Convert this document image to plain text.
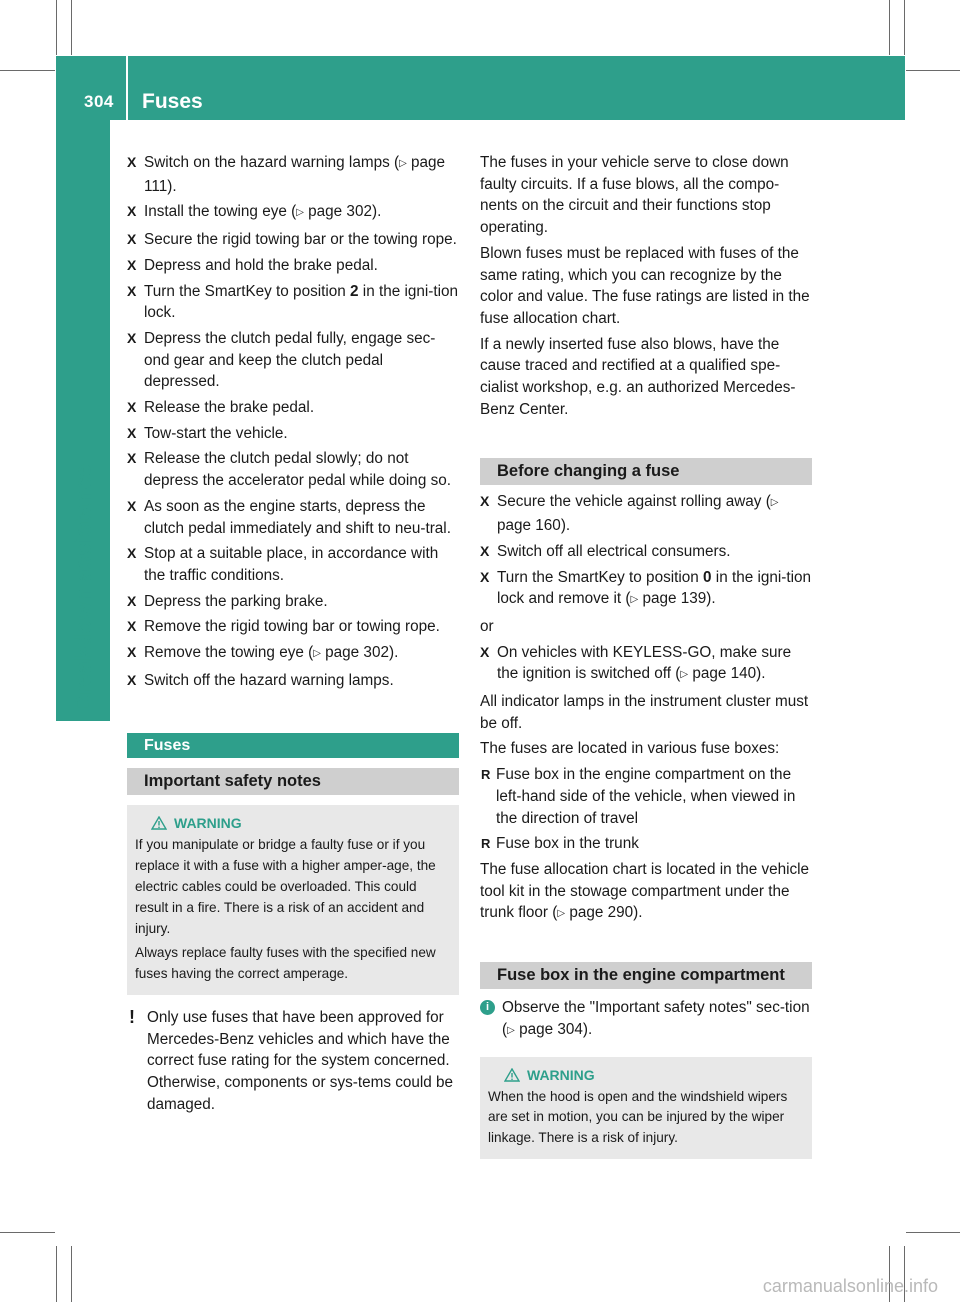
304 Fuses
Breakdown assistance
X Switch on the hazard warning lamps (▷ page 111).
X Install the towing eye (▷ page 302).
X Secure the rigid towing bar or the towing rope.
X Depress and hold the brake pedal.
X Turn the SmartKey to position 2 in the igni-tion lock.
X Depress the clutch pedal fully, engage sec-ond gear and keep the clutch pedal depressed.
X Release the brake pedal.
X Tow-start the vehicle.
X Release the clutch pedal slowly; do not depress the accelerator pedal while doing so.
X As soon as the engine starts, depress the clutch pedal immediately and shift to neu-tral.
X Stop at a suitable place, in accordance with the traffic conditions.
X Depress the parking brake.
X Remove the rigid towing bar or towing rope.
X Remove the towing eye (▷ page 302).
X Switch off the hazard warning lamps.
Fuses
Important safety notes
WARNING

If you manipulate or bridge a faulty fuse or if you replace it with a fuse with a higher amper-age, the electric cables could be overloaded. This could result in a fire. There is a risk of an accident and injury.

Always replace faulty fuses with the specified new fuses having the correct amperage.

! Only use fuses that have been approved for Mercedes-Benz vehicles and which have the correct fuse rating for the system concerned. Otherwise, components or sys-tems could be damaged.

The fuses in your vehicle serve to close down faulty circuits. If a fuse blows, all the compo-nents on the circuit and their functions stop operating.

Blown fuses must be replaced with fuses of the same rating, which you can recognize by the color and value. The fuse ratings are listed in the fuse allocation chart.

If a newly inserted fuse also blows, have the cause traced and rectified at a qualified spe-cialist workshop, e.g. an authorized Mercedes-Benz Center.

Before changing a fuse
X Secure the vehicle against rolling away (▷ page 160).
X Switch off all electrical consumers.
X Turn the SmartKey to position 0 in the igni-tion lock and remove it (▷ page 139).

or

X On vehicles with KEYLESS-GO, make sure the ignition is switched off (▷ page 140).

All indicator lamps in the instrument cluster must be off.

The fuses are located in various fuse boxes:

R Fuse box in the engine compartment on the left-hand side of the vehicle, when viewed in the direction of travel
R Fuse box in the trunk

The fuse allocation chart is located in the vehicle tool kit in the stowage compartment under the trunk floor (▷ page 290).

Fuse box in the engine compartment
i Observe the "Important safety notes" sec-tion (▷ page 304).
WARNING

When the hood is open and the windshield wipers are set in motion, you can be injured by the wiper linkage. There is a risk of injury.

carmanualsonline.info
